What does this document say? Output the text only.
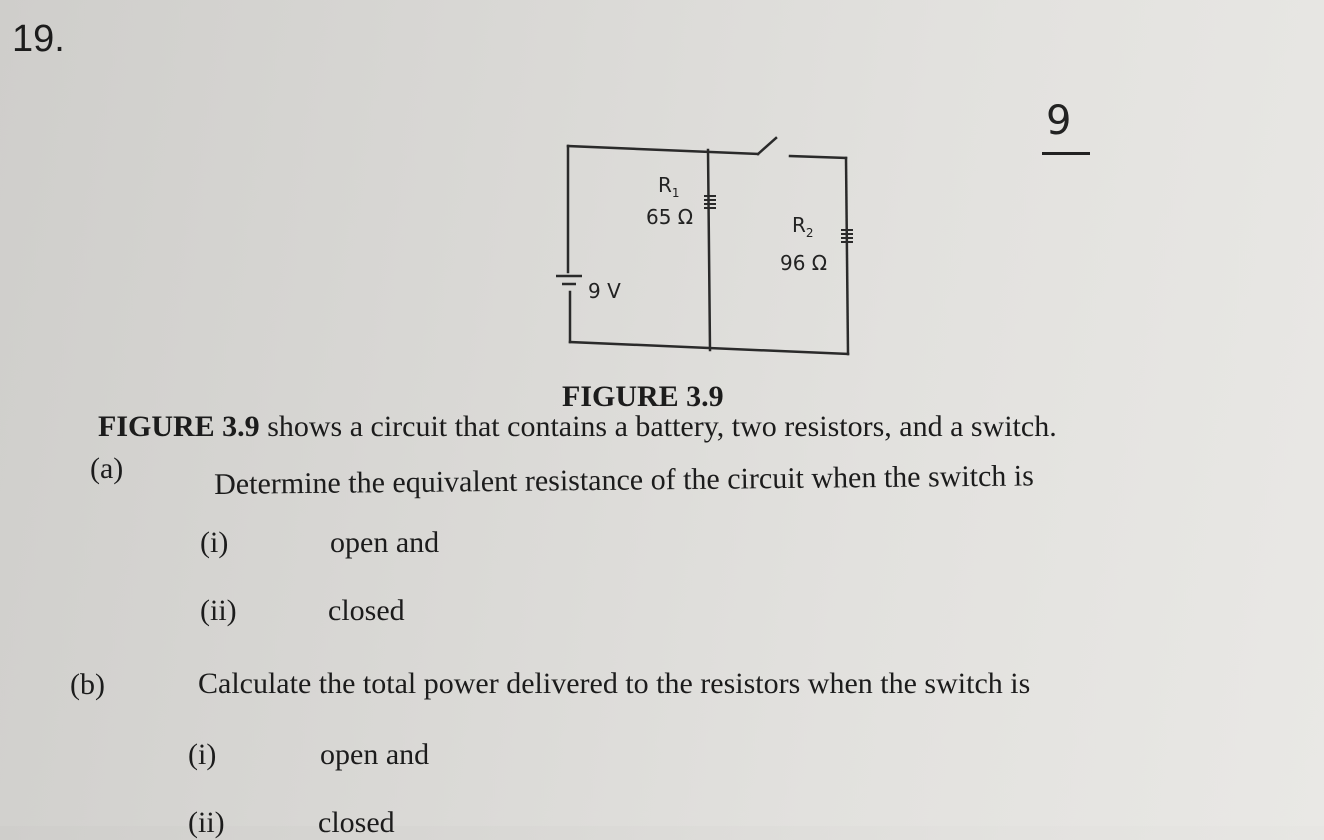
19.
9
$R_1$
65 Ω	$R_2$
96 Ω
9 V
FIGURE 3.9
FIGURE 3.9 shows a circuit that contains a battery, two resistors, and a switch.
(a)	Determine the equivalent resistance of the circuit when the switch is
(i)	open and
(ii)	closed
(b)	Calculate the total power delivered to the resistors when the switch is
(i)	open and
(ii)	closed
